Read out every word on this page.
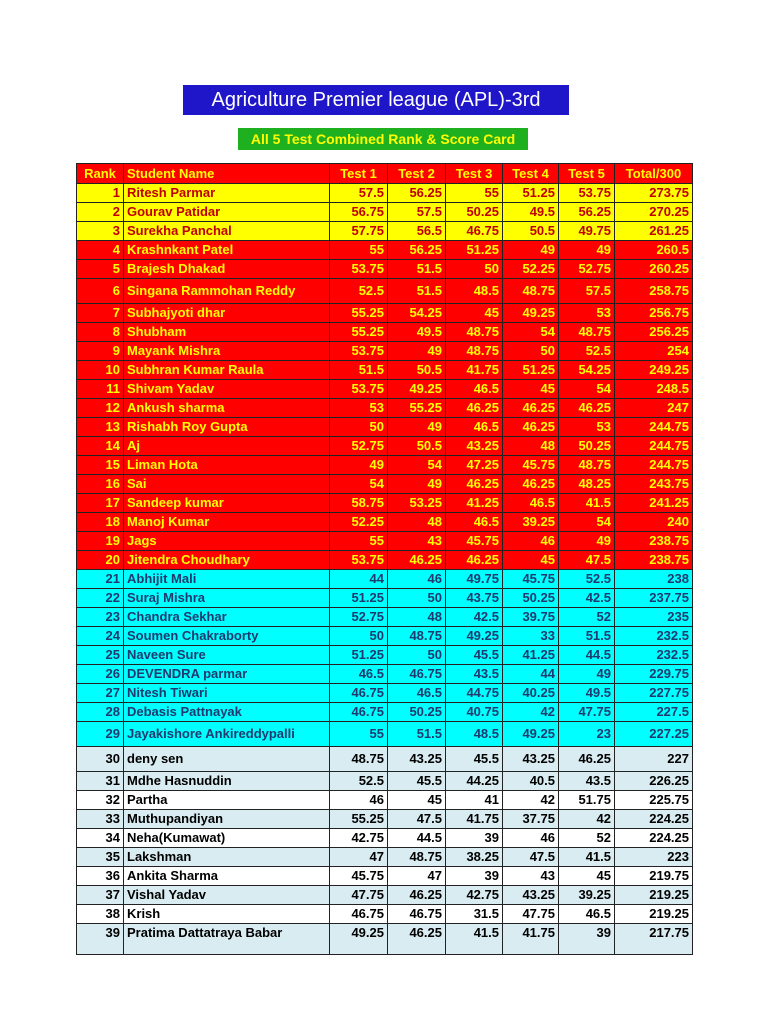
Agriculture Premier league (APL)-3rd
All 5 Test Combined Rank & Score Card
Rank	Student Name	Test 1	Test 2	Test 3	Test 4	Test 5	Total/300
1	Ritesh Parmar	57.5	56.25	55	51.25	53.75	273.75
2	Gourav Patidar	56.75	57.5	50.25	49.5	56.25	270.25
3	Surekha Panchal	57.75	56.5	46.75	50.5	49.75	261.25
4	Krashnkant Patel	55	56.25	51.25	49	49	260.5
5	Brajesh Dhakad	53.75	51.5	50	52.25	52.75	260.25
6	Singana Rammohan Reddy	52.5	51.5	48.5	48.75	57.5	258.75
7	Subhajyoti dhar	55.25	54.25	45	49.25	53	256.75
8	Shubham	55.25	49.5	48.75	54	48.75	256.25
9	Mayank Mishra	53.75	49	48.75	50	52.5	254
10	Subhran Kumar Raula	51.5	50.5	41.75	51.25	54.25	249.25
11	Shivam Yadav	53.75	49.25	46.5	45	54	248.5
12	Ankush sharma	53	55.25	46.25	46.25	46.25	247
13	Rishabh Roy Gupta	50	49	46.5	46.25	53	244.75
14	Aj	52.75	50.5	43.25	48	50.25	244.75
15	Liman Hota	49	54	47.25	45.75	48.75	244.75
16	Sai	54	49	46.25	46.25	48.25	243.75
17	Sandeep kumar	58.75	53.25	41.25	46.5	41.5	241.25
18	Manoj Kumar	52.25	48	46.5	39.25	54	240
19	Jags	55	43	45.75	46	49	238.75
20	Jitendra Choudhary	53.75	46.25	46.25	45	47.5	238.75
21	Abhijit Mali	44	46	49.75	45.75	52.5	238
22	Suraj Mishra	51.25	50	43.75	50.25	42.5	237.75
23	Chandra Sekhar	52.75	48	42.5	39.75	52	235
24	Soumen Chakraborty	50	48.75	49.25	33	51.5	232.5
25	Naveen Sure	51.25	50	45.5	41.25	44.5	232.5
26	DEVENDRA parmar	46.5	46.75	43.5	44	49	229.75
27	Nitesh Tiwari	46.75	46.5	44.75	40.25	49.5	227.75
28	Debasis Pattnayak	46.75	50.25	40.75	42	47.75	227.5
29	Jayakishore Ankireddypalli	55	51.5	48.5	49.25	23	227.25
30	deny sen	48.75	43.25	45.5	43.25	46.25	227
31	Mdhe Hasnuddin	52.5	45.5	44.25	40.5	43.5	226.25
32	Partha	46	45	41	42	51.75	225.75
33	Muthupandiyan	55.25	47.5	41.75	37.75	42	224.25
34	Neha(Kumawat)	42.75	44.5	39	46	52	224.25
35	Lakshman	47	48.75	38.25	47.5	41.5	223
36	Ankita Sharma	45.75	47	39	43	45	219.75
37	Vishal Yadav	47.75	46.25	42.75	43.25	39.25	219.25
38	Krish	46.75	46.75	31.5	47.75	46.5	219.25
39	Pratima Dattatraya Babar	49.25	46.25	41.5	41.75	39	217.75
